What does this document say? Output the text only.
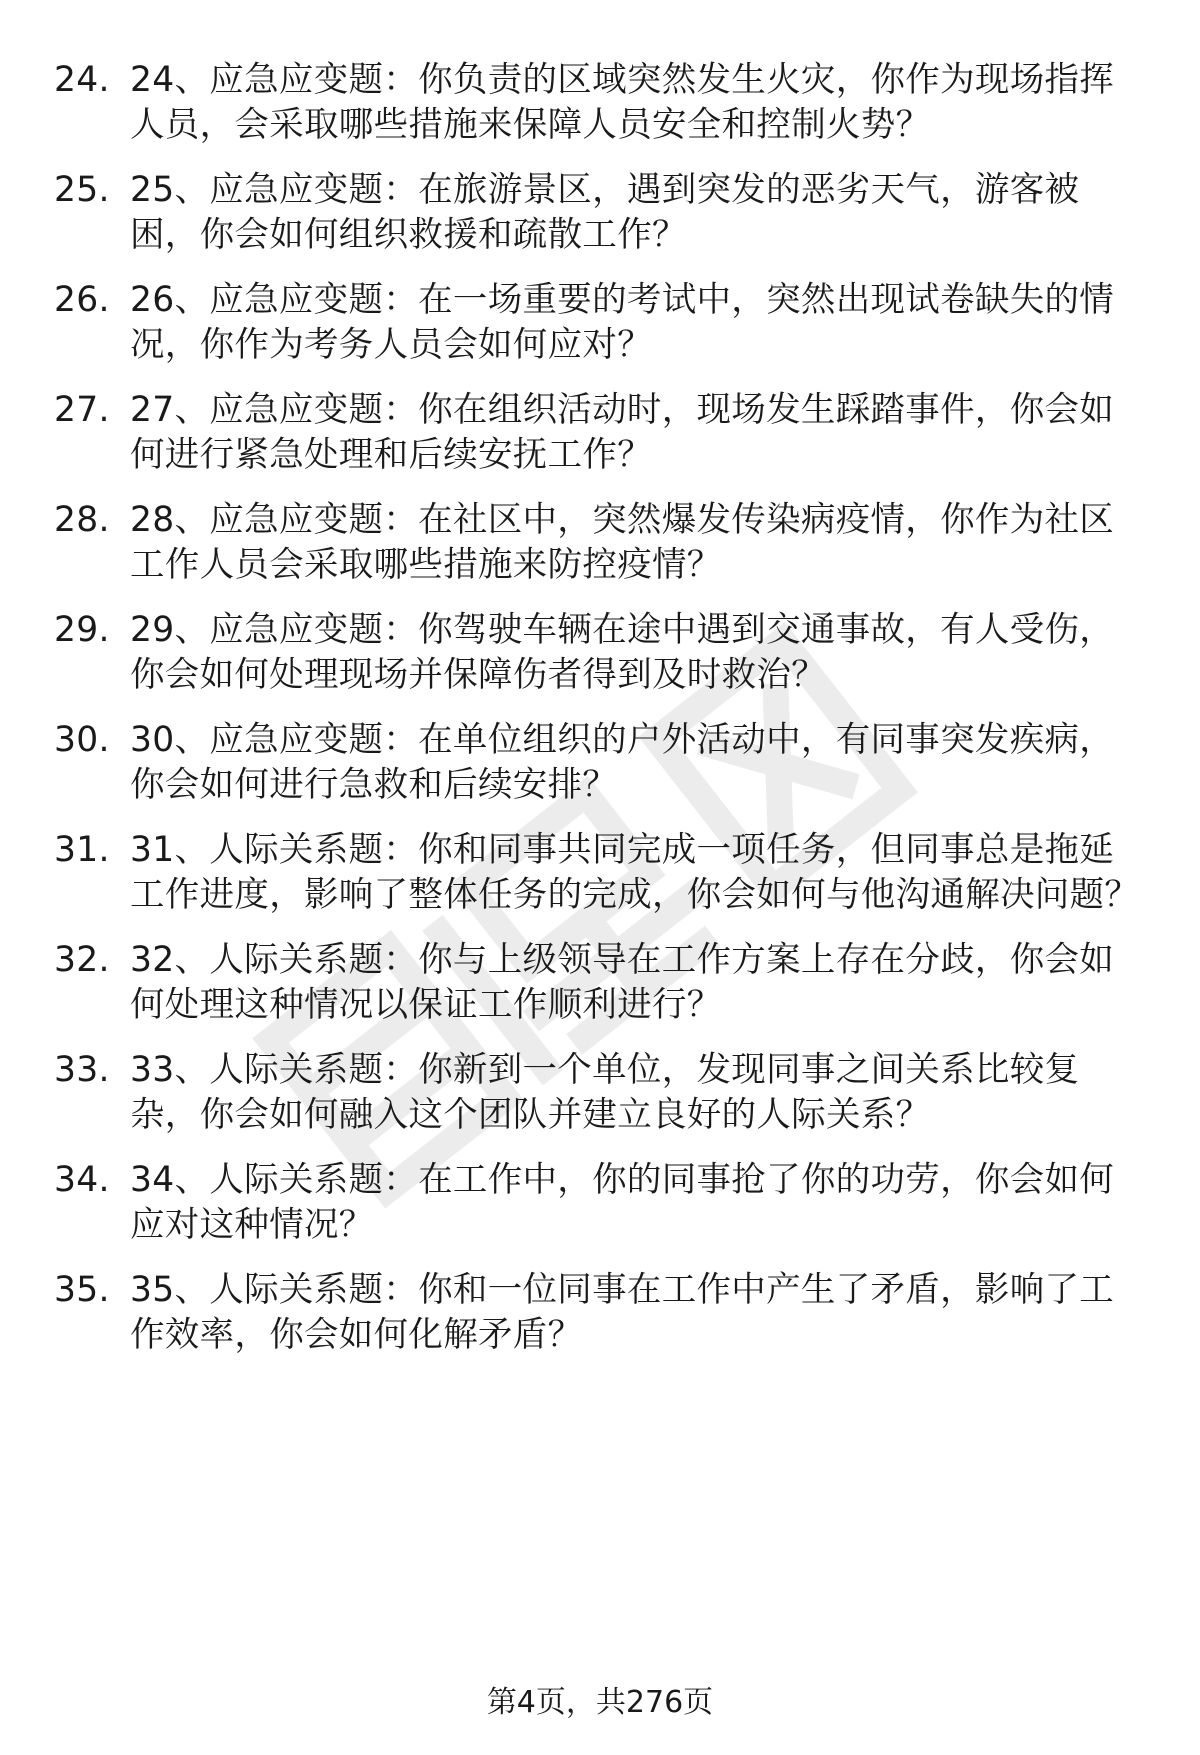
24. 24、应急应变题：你负责的区域突然发生火灾，你作为现场指挥人员，会采取哪些措施来保障人员安全和控制火势？
25. 25、应急应变题：在旅游景区，遇到突发的恶劣天气，游客被困，你会如何组织救援和疏散工作？
26. 26、应急应变题：在一场重要的考试中，突然出现试卷缺失的情况，你作为考务人员会如何应对？
27. 27、应急应变题：你在组织活动时，现场发生踩踏事件，你会如何进行紧急处理和后续安抚工作？
28. 28、应急应变题：在社区中，突然爆发传染病疫情，你作为社区工作人员会采取哪些措施来防控疫情？
29. 29、应急应变题：你驾驶车辆在途中遇到交通事故，有人受伤，你会如何处理现场并保障伤者得到及时救治？
30. 30、应急应变题：在单位组织的户外活动中，有同事突发疾病，你会如何进行急救和后续安排？
31. 31、人际关系题：你和同事共同完成一项任务，但同事总是拖延工作进度，影响了整体任务的完成，你会如何与他沟通解决问题？
32. 32、人际关系题：你与上级领导在工作方案上存在分歧，你会如何处理这种情况以保证工作顺利进行？
33. 33、人际关系题：你新到一个单位，发现同事之间关系比较复杂，你会如何融入这个团队并建立良好的人际关系？
34. 34、人际关系题：在工作中，你的同事抢了你的功劳，你会如何应对这种情况？
35. 35、人际关系题：你和一位同事在工作中产生了矛盾，影响了工作效率，你会如何化解矛盾？
第4页，共276页
